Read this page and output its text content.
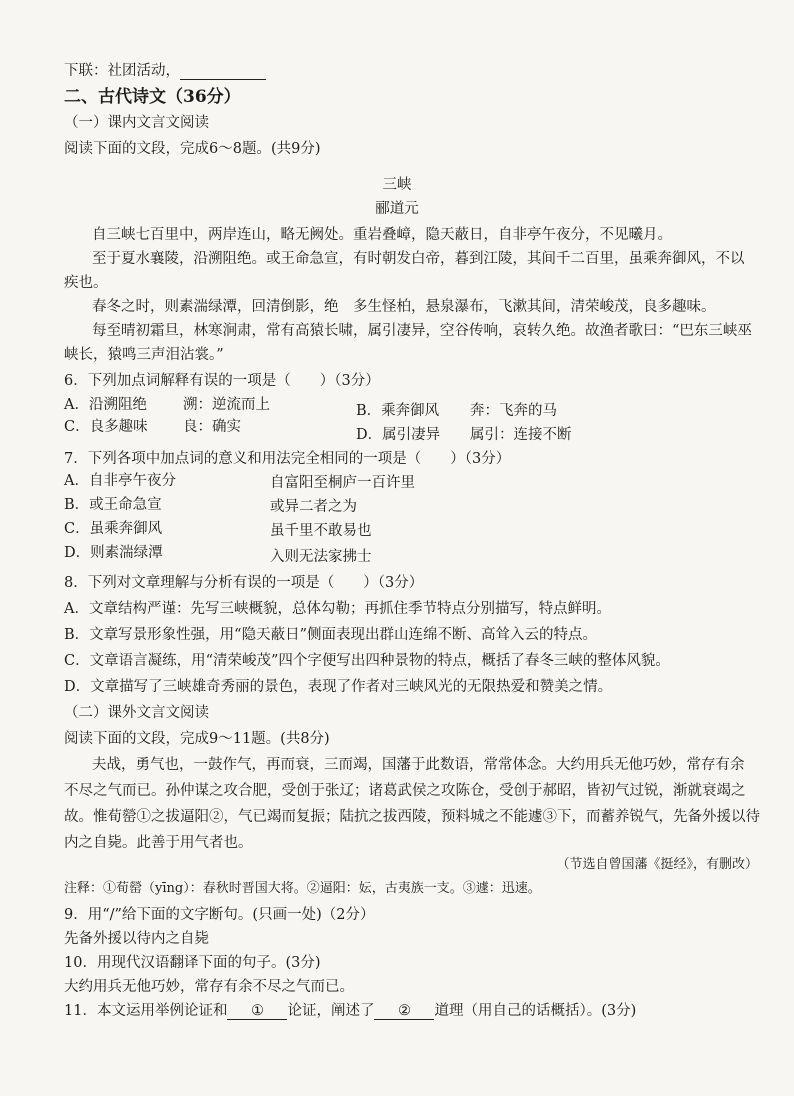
下联：社团活动，
二、古代诗文（36分）
（一）课内文言文阅读
阅读下面的文段，完成6～8题。(共9分)
三峡
郦道元
自三峡七百里中，两岸连山，略无阙处。重岩叠嶂，隐天蔽日，自非亭午夜分，不见曦月。
至于夏水襄陵，沿溯阻绝。或王命急宣，有时朝发白帝，暮到江陵，其间千二百里，虽乘奔御风，不以
疾也。
春冬之时，则素湍绿潭，回清倒影，绝　多生怪柏，悬泉瀑布，飞漱其间，清荣峻茂，良多趣味。
每至晴初霜旦，林寒涧肃，常有高猿长啸，属引凄异，空谷传响，哀转久绝。故渔者歌曰：“巴东三峡巫
峡长，猿鸣三声泪沾裳。”
6．下列加点词解释有误的一项是（　　）（3分）
A．沿溯阻绝 溯：逆流而上	B．乘奔御风 奔：飞奔的马
C．良多趣味 良：确实	D．属引凄异 属引：连接不断
7．下列各项中加点词的意义和用法完全相同的一项是（　　）（3分）
A．自非亭午夜分	自富阳至桐庐一百许里
B．或王命急宣	或异二者之为
C．虽乘奔御风	虽千里不敢易也
D．则素湍绿潭	入则无法家拂士
8．下列对文章理解与分析有误的一项是（　　）（3分）
A．文章结构严谨：先写三峡概貌，总体勾勒；再抓住季节特点分别描写，特点鲜明。
B．文章写景形象性强，用“隐天蔽日”侧面表现出群山连绵不断、高耸入云的特点。
C．文章语言凝练，用“清荣峻茂”四个字便写出四种景物的特点，概括了春冬三峡的整体风貌。
D．文章描写了三峡雄奇秀丽的景色，表现了作者对三峡风光的无限热爱和赞美之情。
（二）课外文言文阅读
阅读下面的文段，完成9～11题。(共8分)
夫战，勇气也，一鼓作气，再而衰，三而竭，国藩于此数语，常常体念。大约用兵无他巧妙，常存有余
不尽之气而已。孙仲谋之攻合肥，受创于张辽；诸葛武侯之攻陈仓，受创于郝昭，皆初气过锐，渐就衰竭之
故。惟荀罃①之拔逼阳②，气已竭而复振；陆抗之拔西陵，预料城之不能遽③下，而蓄养锐气，先备外援以待
内之自毙。此善于用气者也。
（节选自曾国藩《挺经》，有删改）
注释：①荀罃（yīng）：春秋时晋国大将。②逼阳：妘，古夷族一支。③遽：迅速。
9．用“/”给下面的文字断句。(只画一处)（2分）
先备外援以待内之自毙
10．用现代汉语翻译下面的句子。(3分)
大约用兵无他巧妙，常存有余不尽之气而已。
11．本文运用举例论证和 ① 论证，阐述了 ② 道理（用自己的话概括）。(3分)
